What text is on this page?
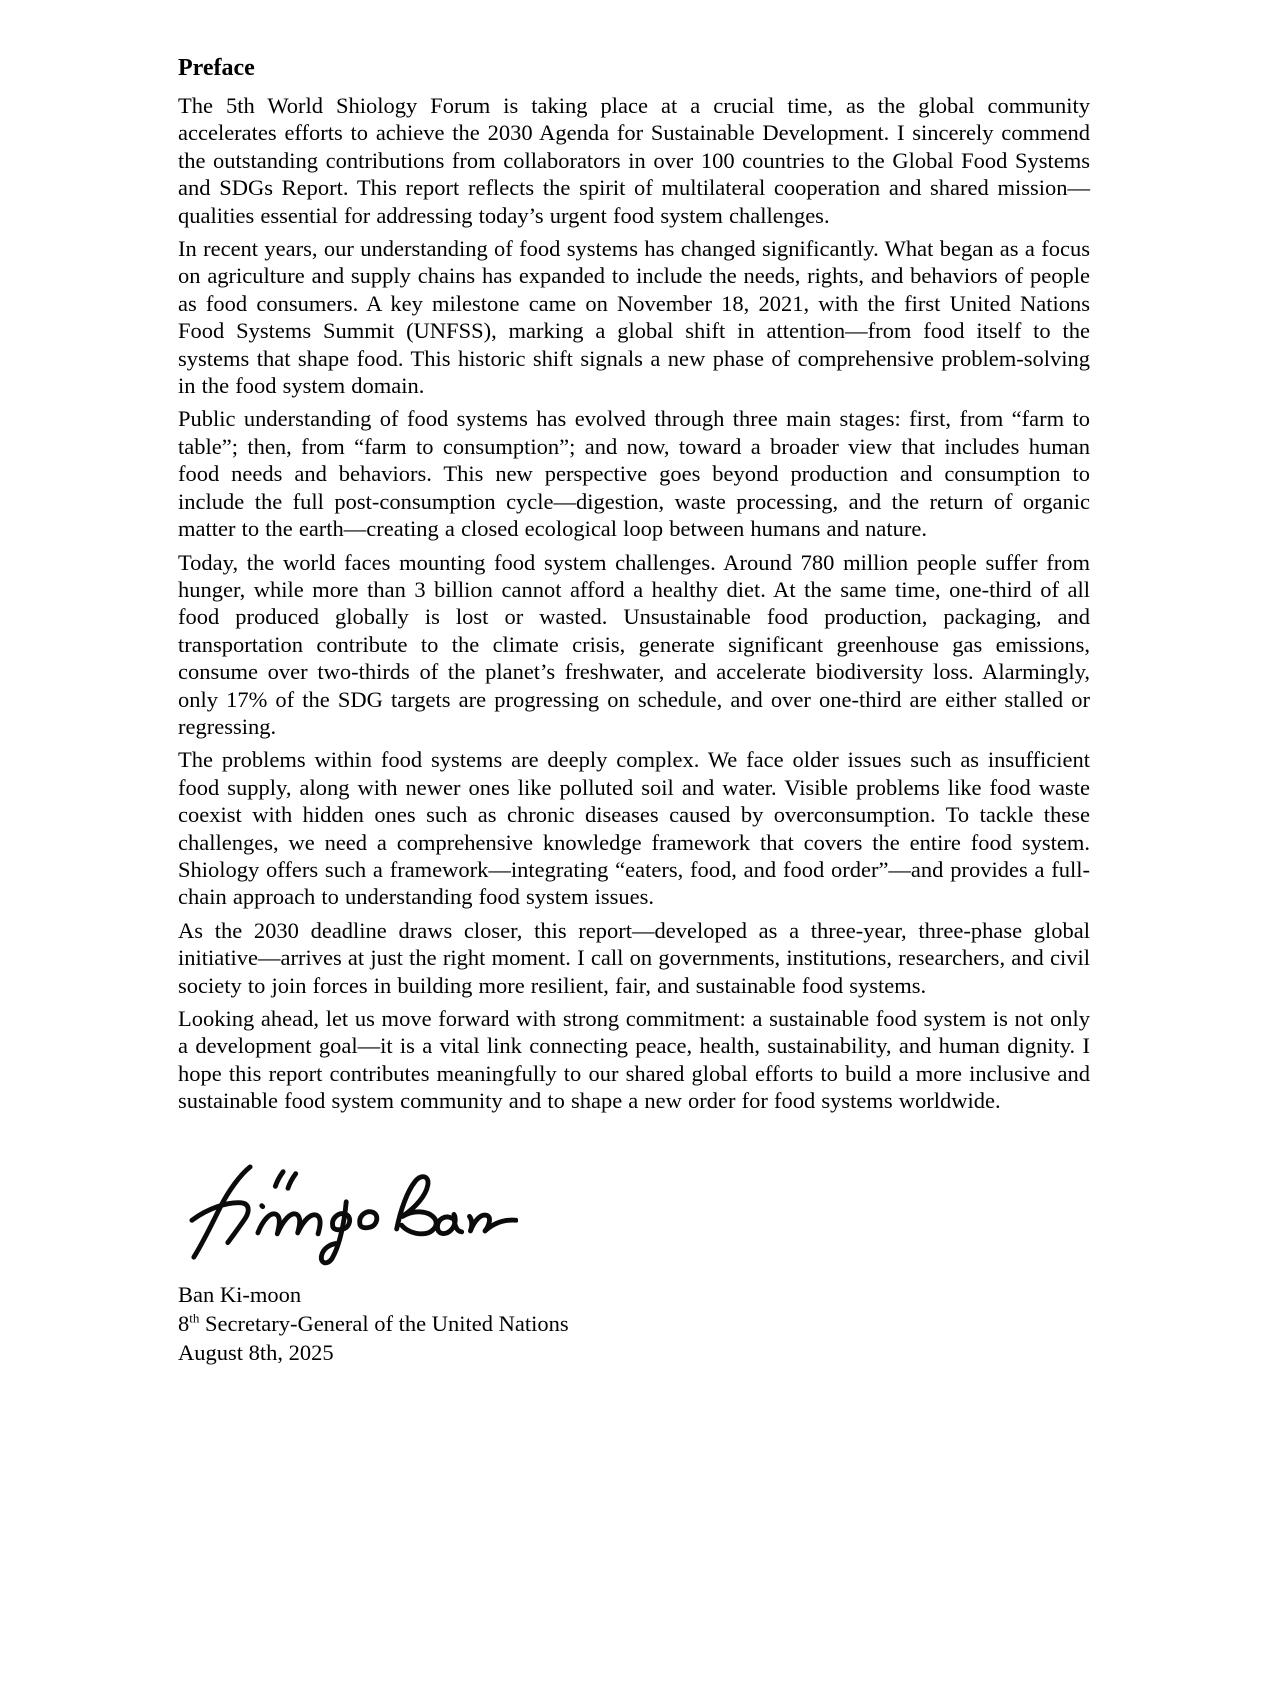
Preface

The 5th World Shiology Forum is taking place at a crucial time, as the global community accelerates efforts to achieve the 2030 Agenda for Sustainable Development. I sincerely commend the outstanding contributions from collaborators in over 100 countries to the Global Food Systems and SDGs Report. This report reflects the spirit of multilateral cooperation and shared mission—qualities essential for addressing today’s urgent food system challenges.

In recent years, our understanding of food systems has changed significantly. What began as a focus on agriculture and supply chains has expanded to include the needs, rights, and behaviors of people as food consumers. A key milestone came on November 18, 2021, with the first United Nations Food Systems Summit (UNFSS), marking a global shift in attention—from food itself to the systems that shape food. This historic shift signals a new phase of comprehensive problem-solving in the food system domain.

Public understanding of food systems has evolved through three main stages: first, from “farm to table”; then, from “farm to consumption”; and now, toward a broader view that includes human food needs and behaviors. This new perspective goes beyond production and consumption to include the full post-consumption cycle—digestion, waste processing, and the return of organic matter to the earth—creating a closed ecological loop between humans and nature.

Today, the world faces mounting food system challenges. Around 780 million people suffer from hunger, while more than 3 billion cannot afford a healthy diet. At the same time, one-third of all food produced globally is lost or wasted. Unsustainable food production, packaging, and transportation contribute to the climate crisis, generate significant greenhouse gas emissions, consume over two-thirds of the planet’s freshwater, and accelerate biodiversity loss. Alarmingly, only 17% of the SDG targets are progressing on schedule, and over one-third are either stalled or regressing.

The problems within food systems are deeply complex. We face older issues such as insufficient food supply, along with newer ones like polluted soil and water. Visible problems like food waste coexist with hidden ones such as chronic diseases caused by overconsumption. To tackle these challenges, we need a comprehensive knowledge framework that covers the entire food system. Shiology offers such a framework—integrating “eaters, food, and food order”—and provides a full-chain approach to understanding food system issues.

As the 2030 deadline draws closer, this report—developed as a three-year, three-phase global initiative—arrives at just the right moment. I call on governments, institutions, researchers, and civil society to join forces in building more resilient, fair, and sustainable food systems.

Looking ahead, let us move forward with strong commitment: a sustainable food system is not only a development goal—it is a vital link connecting peace, health, sustainability, and human dignity. I hope this report contributes meaningfully to our shared global efforts to build a more inclusive and sustainable food system community and to shape a new order for food systems worldwide.

Ban Ki-moon
8th Secretary-General of the United Nations
August 8th, 2025
